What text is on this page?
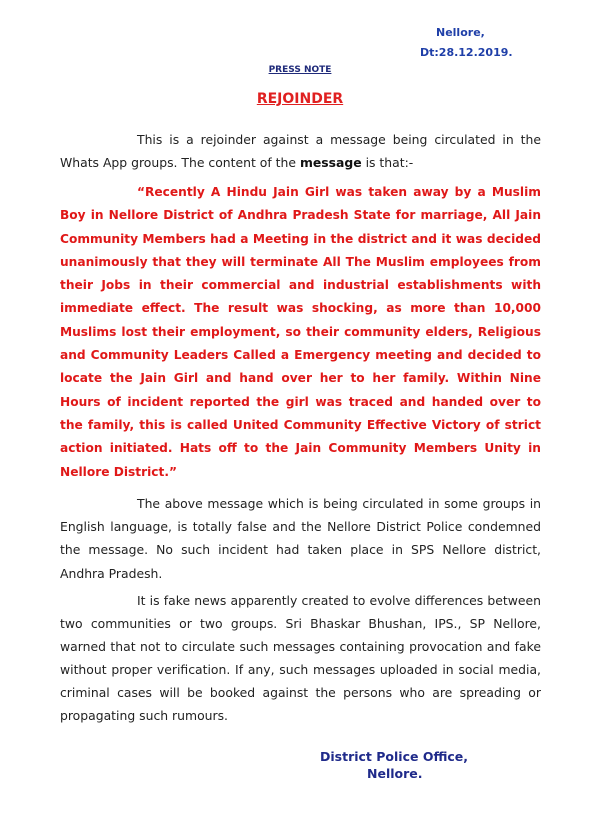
Nellore,
Dt:28.12.2019.
PRESS NOTE
REJOINDER

This is a rejoinder against a message being circulated in the Whats App groups. The content of the message is that:-

“Recently A Hindu Jain Girl was taken away by a Muslim Boy in Nellore District of Andhra Pradesh State for marriage, All Jain Community Members had a Meeting in the district and it was decided unanimously that they will terminate All The Muslim employees from their Jobs in their commercial and industrial establishments with immediate effect. The result was shocking, as more than 10,000 Muslims lost their employment, so their community elders, Religious and Community Leaders Called a Emergency meeting and decided to locate the Jain Girl and hand over her to her family. Within Nine Hours of incident reported the girl was traced and handed over to the family, this is called United Community Effective Victory of strict action initiated. Hats off to the Jain Community Members Unity in Nellore District.”

The above message which is being circulated in some groups in English language, is totally false and the Nellore District Police condemned the message. No such incident had taken place in SPS Nellore district, Andhra Pradesh.

It is fake news apparently created to evolve differences between two communities or two groups. Sri Bhaskar Bhushan, IPS., SP Nellore, warned that not to circulate such messages containing provocation and fake without proper verification. If any, such messages uploaded in social media, criminal cases will be booked against the persons who are spreading or propagating such rumours.

District Police Office,
Nellore.
